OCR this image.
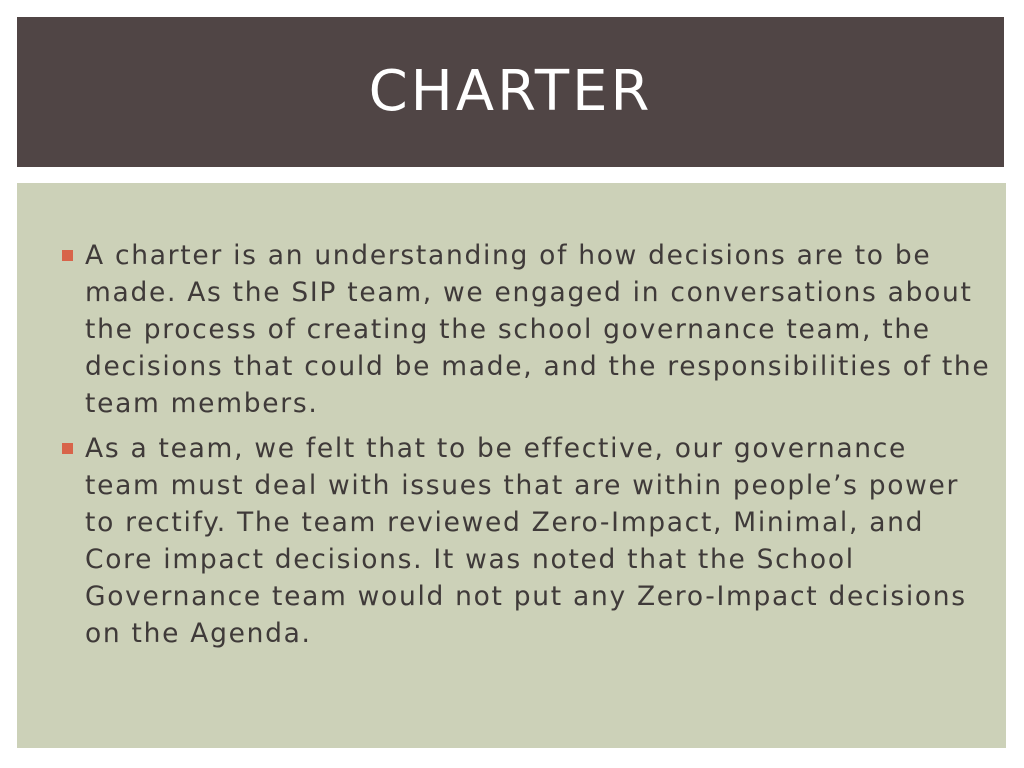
CHARTER
A charter is an understanding of how decisions are to be made. As the SIP team, we engaged in conversations about the process of creating the school governance team, the decisions that could be made, and the responsibilities of the team members.
As a team, we felt that to be effective, our governance team must deal with issues that are within people’s power to rectify. The team reviewed Zero-Impact, Minimal, and Core impact decisions. It was noted that the School Governance team would not put any Zero-Impact decisions on the Agenda.
